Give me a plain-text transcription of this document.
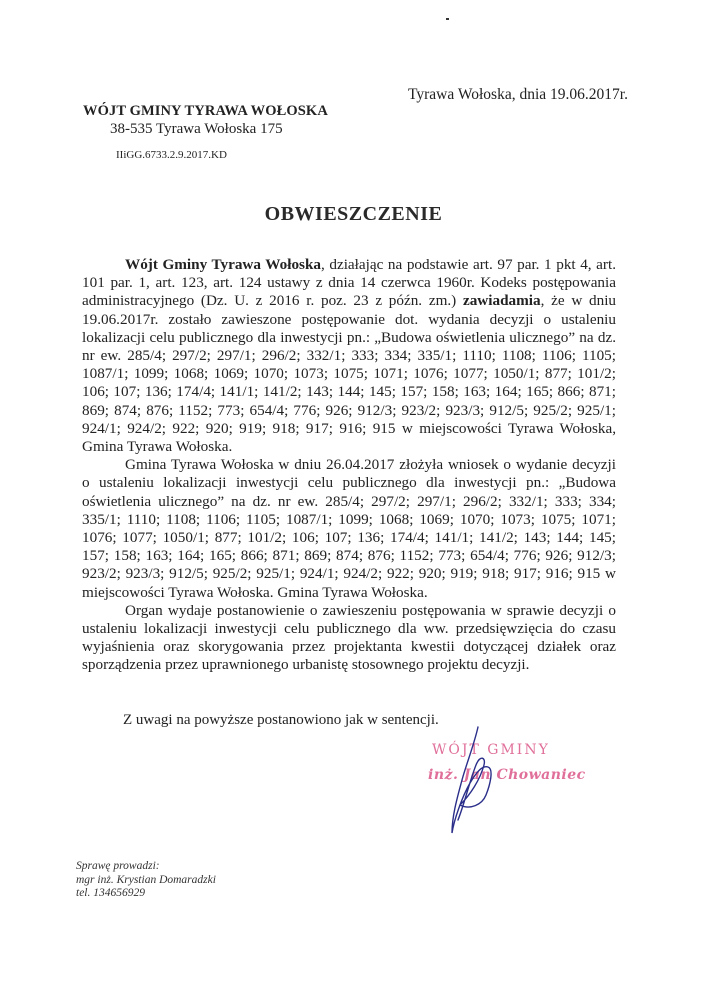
Tyrawa Wołoska, dnia 19.06.2017r.
WÓJT GMINY TYRAWA WOŁOSKA
38-535 Tyrawa Wołoska 175
IIiGG.6733.2.9.2017.KD
OBWIESZCZENIE

Wójt Gminy Tyrawa Wołoska, działając na podstawie art. 97 par. 1 pkt 4, art. 101 par. 1, art. 123, art. 124 ustawy z dnia 14 czerwca 1960r. Kodeks postępowania administracyjnego (Dz. U. z 2016 r. poz. 23 z późn. zm.) zawiadamia, że w dniu 19.06.2017r. zostało zawieszone postępowanie dot. wydania decyzji o ustaleniu lokalizacji celu publicznego dla inwestycji pn.: „Budowa oświetlenia ulicznego” na dz. nr ew. 285/4; 297/2; 297/1; 296/2; 332/1; 333; 334; 335/1; 1110; 1108; 1106; 1105; 1087/1; 1099; 1068; 1069; 1070; 1073; 1075; 1071; 1076; 1077; 1050/1; 877; 101/2; 106; 107; 136; 174/4; 141/1; 141/2; 143; 144; 145; 157; 158; 163; 164; 165; 866; 871; 869; 874; 876; 1152; 773; 654/4; 776; 926; 912/3; 923/2; 923/3; 912/5; 925/2; 925/1; 924/1; 924/2; 922; 920; 919; 918; 917; 916; 915 w miejscowości Tyrawa Wołoska, Gmina Tyrawa Wołoska.

Gmina Tyrawa Wołoska w dniu 26.04.2017 złożyła wniosek o wydanie decyzji o ustaleniu lokalizacji inwestycji celu publicznego dla inwestycji pn.: „Budowa oświetlenia ulicznego” na dz. nr ew. 285/4; 297/2; 297/1; 296/2; 332/1; 333; 334; 335/1; 1110; 1108; 1106; 1105; 1087/1; 1099; 1068; 1069; 1070; 1073; 1075; 1071; 1076; 1077; 1050/1; 877; 101/2; 106; 107; 136; 174/4; 141/1; 141/2; 143; 144; 145; 157; 158; 163; 164; 165; 866; 871; 869; 874; 876; 1152; 773; 654/4; 776; 926; 912/3; 923/2; 923/3; 912/5; 925/2; 925/1; 924/1; 924/2; 922; 920; 919; 918; 917; 916; 915 w miejscowości Tyrawa Wołoska. Gmina Tyrawa Wołoska.

Organ wydaje postanowienie o zawieszeniu postępowania w sprawie decyzji o ustaleniu lokalizacji inwestycji celu publicznego dla ww. przedsięwzięcia do czasu wyjaśnienia oraz skorygowania przez projektanta kwestii dotyczącej działek oraz sporządzenia przez uprawnionego urbanistę stosownego projektu decyzji.

Z uwagi na powyższe postanowiono jak w sentencji.
WÓJT GMINY
inż. Jan Chowaniec
Sprawę prowadzi:
mgr inż. Krystian Domaradzki
tel. 134656929
